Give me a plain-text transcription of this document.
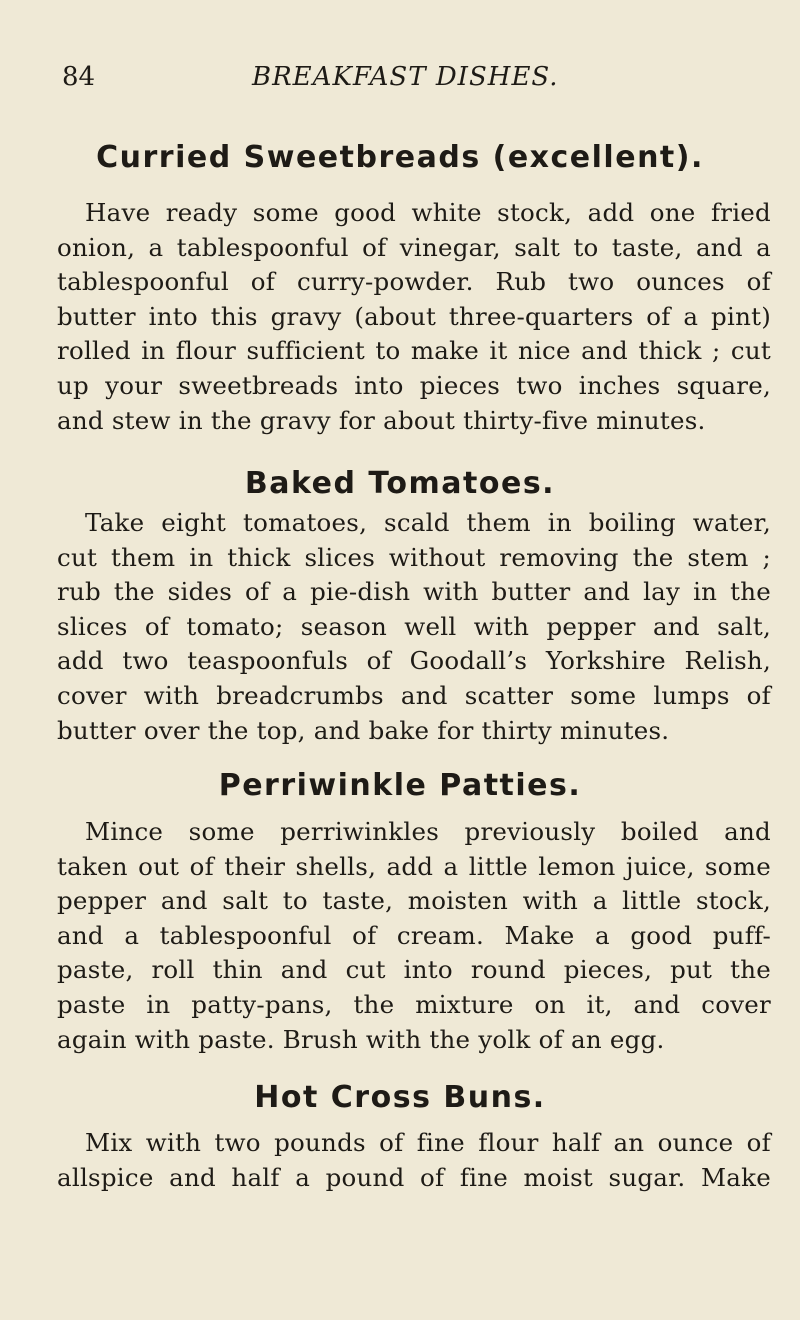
84	BREAKFAST DISHES.
Curried Sweetbreads (excellent).

Have ready some good white stock, add one fried
onion, a tablespoonful of vinegar, salt to taste, and a
tablespoonful of curry-powder. Rub two ounces of
butter into this gravy (about three-quarters of a pint)
rolled in flour sufficient to make it nice and thick ; cut
up your sweetbreads into pieces two inches square,
and stew in the gravy for about thirty-five minutes.

Baked Tomatoes.

Take eight tomatoes, scald them in boiling water,
cut them in thick slices without removing the stem ;
rub the sides of a pie-dish with butter and lay in the
slices of tomato; season well with pepper and salt,
add two teaspoonfuls of Goodall’s Yorkshire Relish,
cover with breadcrumbs and scatter some lumps of
butter over the top, and bake for thirty minutes.

Perriwinkle Patties.

Mince some perriwinkles previously boiled and
taken out of their shells, add a little lemon juice, some
pepper and salt to taste, moisten with a little stock,
and a tablespoonful of cream. Make a good puff-
paste, roll thin and cut into round pieces, put the
paste in patty-pans, the mixture on it, and cover
again with paste. Brush with the yolk of an egg.

Hot Cross Buns.

Mix with two pounds of fine flour half an ounce of
allspice and half a pound of fine moist sugar. Make
